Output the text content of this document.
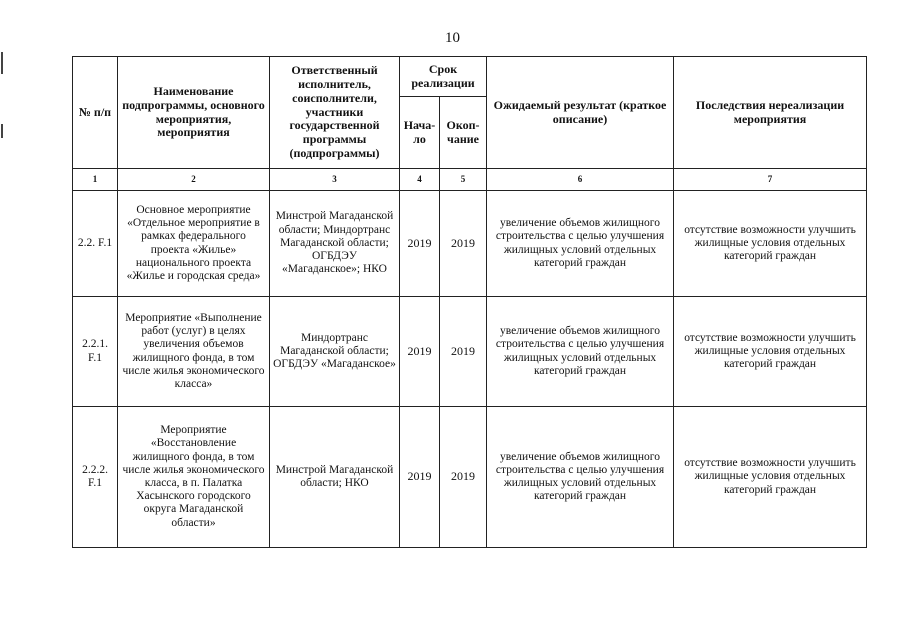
10
№ п/п	Наименование подпрограммы, основного мероприятия, мероприятия	Ответственный исполнитель, соисполнители, участники государственной программы (подпрограммы)	Срок реализации		Ожидаемый результат (краткое описание)	Последствия нереализации мероприятия
			Нача-ло	Окоп-чание		
1	2	3	4	5	6	7
2.2. F.1	Основное мероприятие «Отдельное мероприятие в рамках федерального проекта «Жилье» национального проекта «Жилье и городская среда»	Минстрой Магаданской области; Миндортранс Магаданской области; ОГБДЭУ «Магаданское»; НКО	2019	2019	увеличение объемов жилищного строительства с целью улучшения жилищных условий отдельных категорий граждан	отсутствие возможности улучшить жилищные условия отдельных категорий граждан
2.2.1. F.1	Мероприятие «Выполнение работ (услуг) в целях увеличения объемов жилищного фонда, в том числе жилья экономического класса»	Миндортранс Магаданской области; ОГБДЭУ «Магаданское»	2019	2019	увеличение объемов жилищного строительства с целью улучшения жилищных условий отдельных категорий граждан	отсутствие возможности улучшить жилищные условия отдельных категорий граждан
2.2.2. F.1	Мероприятие «Восстановление жилищного фонда, в том числе жилья экономического класса, в п. Палатка Хасынского городского округа Магаданской области»	Минстрой Магаданской области; НКО	2019	2019	увеличение объемов жилищного строительства с целью улучшения жилищных условий отдельных категорий граждан	отсутствие возможности улучшить жилищные условия отдельных категорий граждан
